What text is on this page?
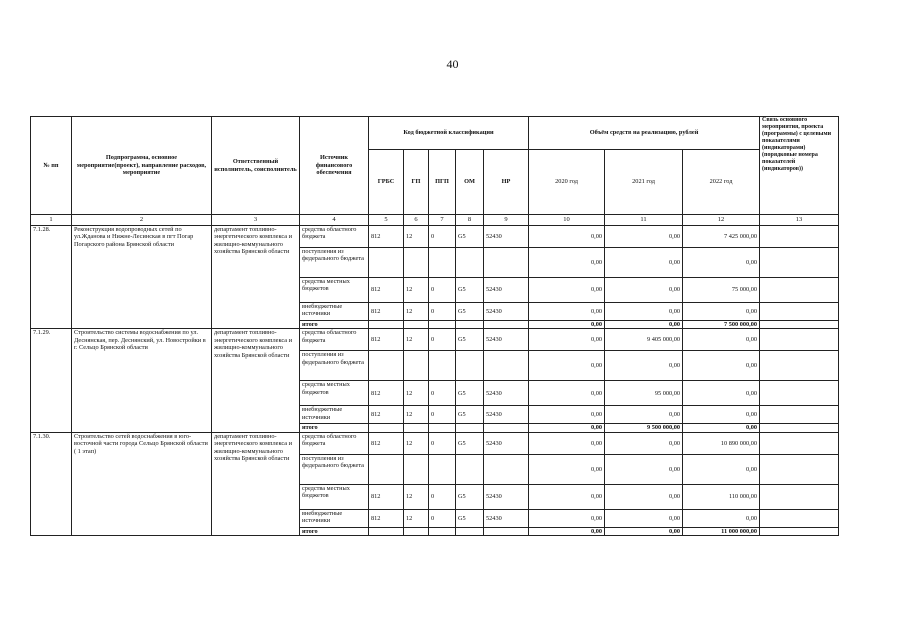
40
№ пп	Подпрограмма, основное мероприятие(проект), направление расходов, мероприятие	Ответственный исполнитель, соисполнитель	Источник финансового обеспечения	Код бюджетной классификации					Объём средств на реализацию, рублей			Связь основного мероприятия, проекта (программы) с целевыми показателями (индикаторами) (порядковые номера показателей (индикаторов))
				ГРБС	ГП	ПГП	ОМ	НР	2020 год	2021 год	2022 год	
1	2	3	4	5	6	7	8	9	10	11	12	13
7.1.28.	Реконструкция водопроводных сетей по ул.Жданова и Нижне-Лесинская в пгт Погар Погарского района Брянской области	департамент топливно-энергетического комплекса и жилищно-коммунального хозяйства Брянской области	средства областного бюджета	812	12	0	G5	52430	0,00	0,00	7 425 000,00	
			поступления из федерального бюджета						0,00	0,00	0,00	
			средства местных бюджетов	812	12	0	G5	52430	0,00	0,00	75 000,00	
			внебюджетные источники	812	12	0	G5	52430	0,00	0,00	0,00	
			итого						0,00	0,00	7 500 000,00	
7.1.29.	Строительство системы водоснабжения по ул. Деснянская, пер. Деснянский, ул. Новостройки в г. Сельцо Брянской области	департамент топливно-энергетического комплекса и жилищно-коммунального хозяйства Брянской области	средства областного бюджета	812	12	0	G5	52430	0,00	9 405 000,00	0,00	
			поступления из федерального бюджета						0,00	0,00	0,00	
			средства местных бюджетов	812	12	0	G5	52430	0,00	95 000,00	0,00	
			внебюджетные источники	812	12	0	G5	52430	0,00	0,00	0,00	
			итого						0,00	9 500 000,00	0,00	
7.1.30.	Строительство сетей водоснабжения в юго-восточной части города Сельцо Брянской области ( 1 этап)	департамент топливно-энергетического комплекса и жилищно-коммунального хозяйства Брянской области	средства областного бюджета	812	12	0	G5	52430	0,00	0,00	10 890 000,00	
			поступления из федерального бюджета						0,00	0,00	0,00	
			средства местных бюджетов	812	12	0	G5	52430	0,00	0,00	110 000,00	
			внебюджетные источники	812	12	0	G5	52430	0,00	0,00	0,00	
			итого						0,00	0,00	11 000 000,00	
